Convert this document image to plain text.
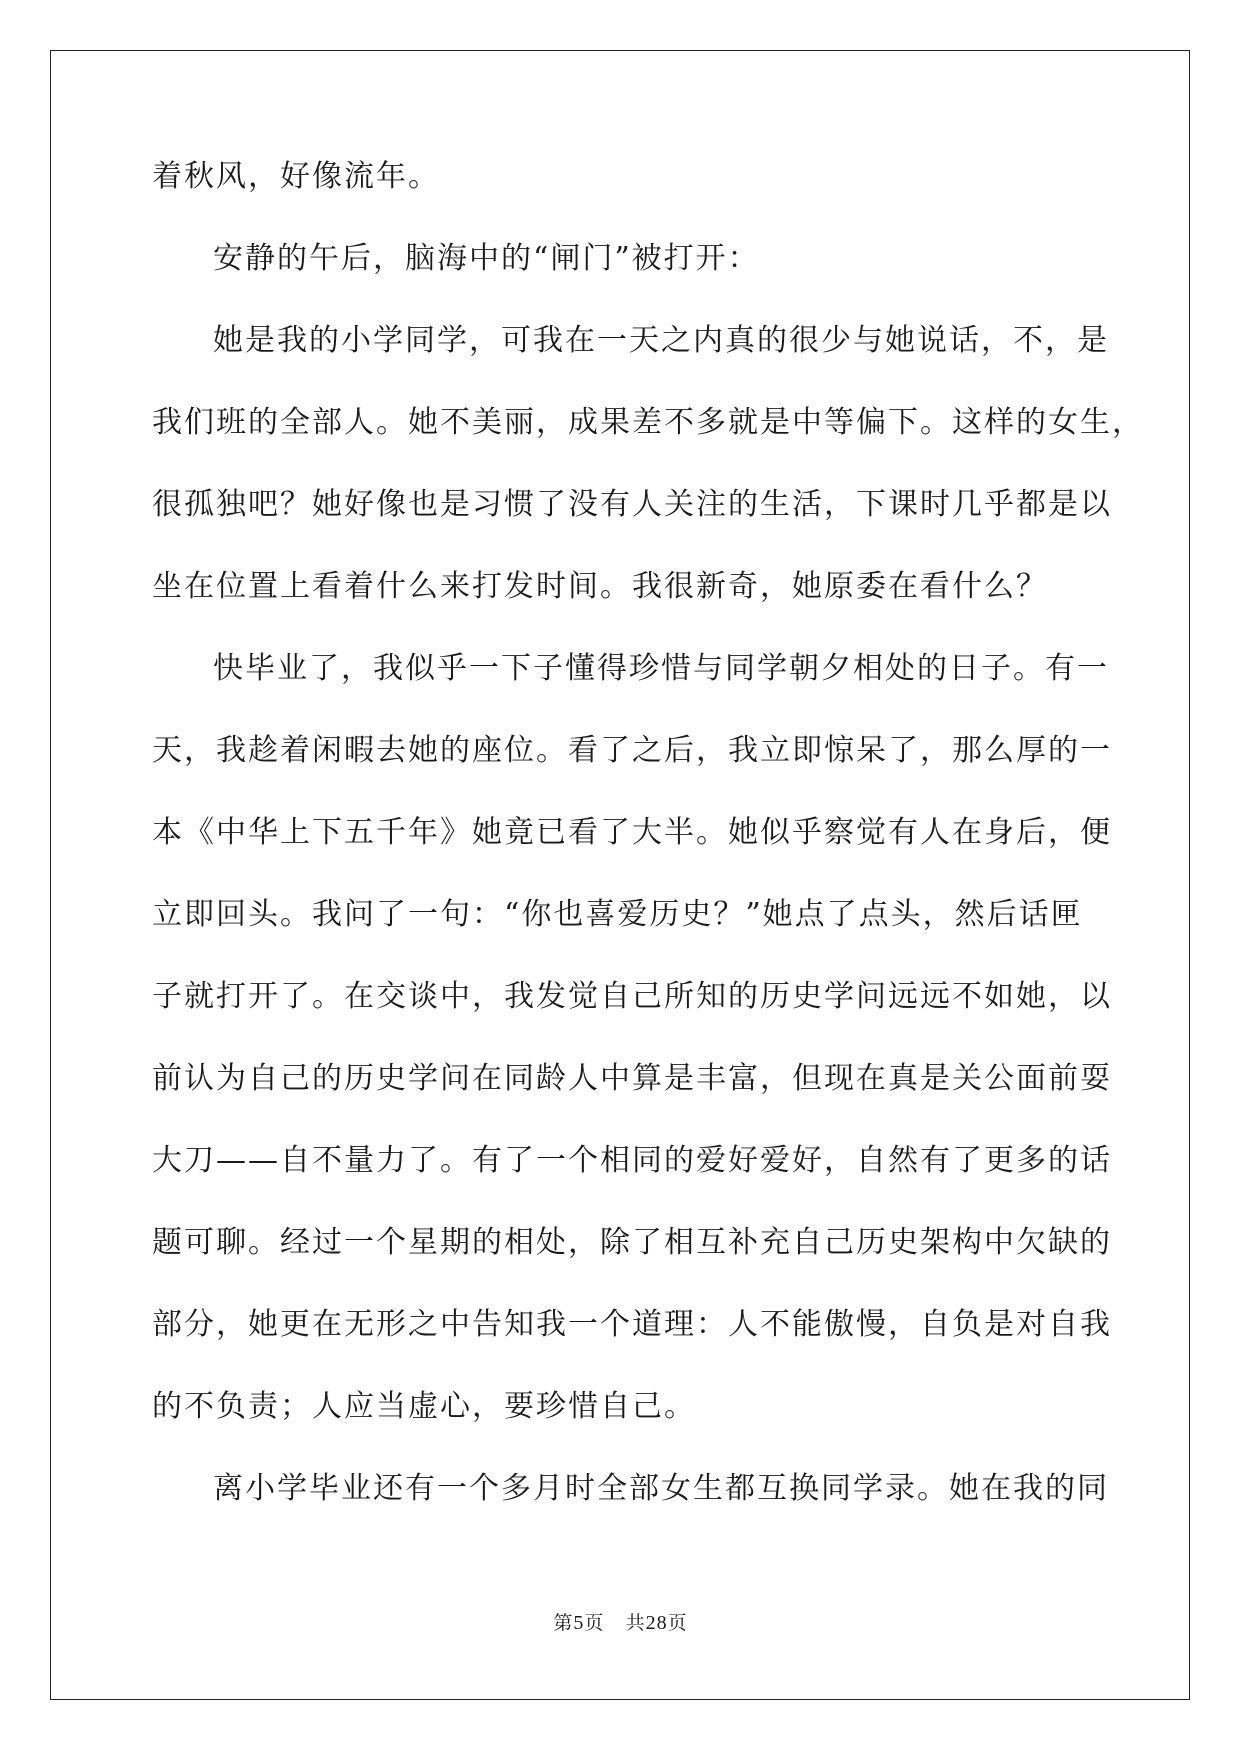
着秋风，好像流年。

安静的午后，脑海中的“闸门”被打开：

她是我的小学同学，可我在一天之内真的很少与她说话，不，是

我们班的全部人。她不美丽，成果差不多就是中等偏下。这样的女生，

很孤独吧？她好像也是习惯了没有人关注的生活，下课时几乎都是以

坐在位置上看着什么来打发时间。我很新奇，她原委在看什么？

快毕业了，我似乎一下子懂得珍惜与同学朝夕相处的日子。有一

天，我趁着闲暇去她的座位。看了之后，我立即惊呆了，那么厚的一

本《中华上下五千年》她竟已看了大半。她似乎察觉有人在身后，便

立即回头。我问了一句：“你也喜爱历史？”她点了点头，然后话匣

子就打开了。在交谈中，我发觉自己所知的历史学问远远不如她，以

前认为自己的历史学问在同龄人中算是丰富，但现在真是关公面前耍

大刀——自不量力了。有了一个相同的爱好爱好，自然有了更多的话

题可聊。经过一个星期的相处，除了相互补充自己历史架构中欠缺的

部分，她更在无形之中告知我一个道理：人不能傲慢，自负是对自我

的不负责；人应当虚心，要珍惜自己。

离小学毕业还有一个多月时全部女生都互换同学录。她在我的同

第5页 共28页
